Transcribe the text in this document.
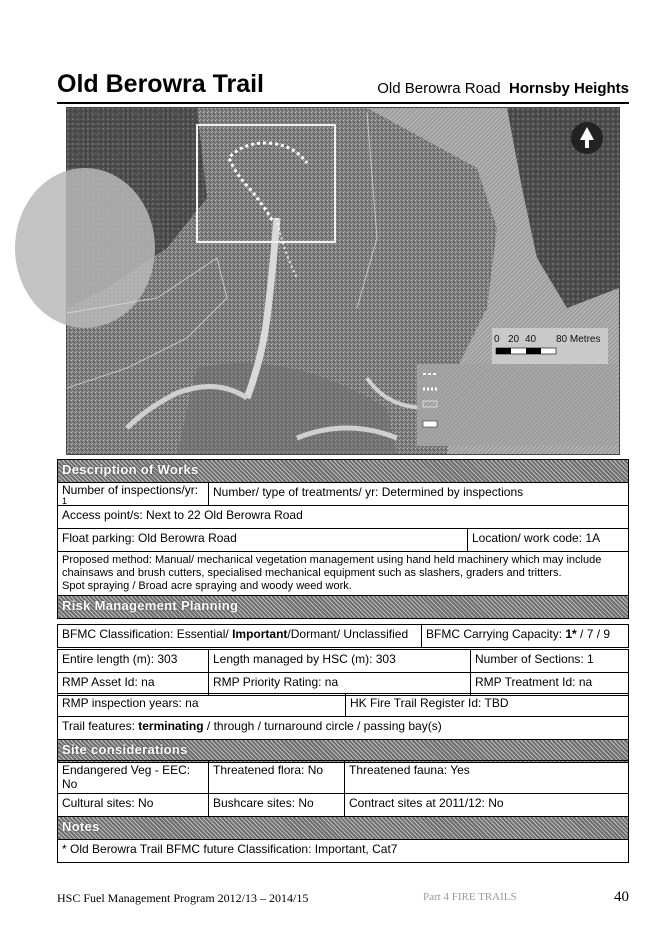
Old Berowra Trail	Old Berowra Road Hornsby Heights
0 20 40 80 Metres
Description of Works		

Number of inspections/yr:
1	Number/ type of treatments/ yr: Determined by inspections	
Access point/s: Next to 22 Old Berowra Road		
Float parking: Old Berowra Road		Location/ work code: 1A

Proposed method: Manual/ mechanical vegetation management using hand held machinery which may include
chainsaws and brush cutters, specialised mechanical equipment such as slashers, graders and tritters.
Spot spraying / Broad acre spraying and woody weed work.		

Risk Management Planning		
BFMC Classification: Essential/ Important/Dormant/ Unclassified	BFMC Carrying Capacity: 1* / 7 / 9
Entire length (m): 303	Length managed by HSC (m): 303	Number of Sections: 1
RMP Asset Id: na	RMP Priority Rating: na	RMP Treatment Id: na
RMP inspection years: na	HK Fire Trail Register Id: TBD
Trail features: terminating / through / turnaround circle / passing bay(s)
Site considerations
Endangered Veg - EEC: No	Threatened flora: No	Threatened fauna: Yes
Cultural sites: No	Bushcare sites: No	Contract sites at 2011/12: No
Notes		
* Old Berowra Trail BFMC future Classification: Important, Cat7		
HSC Fuel Management Program 2012/13 – 2014/15	Part 4 FIRE TRAILS	40
